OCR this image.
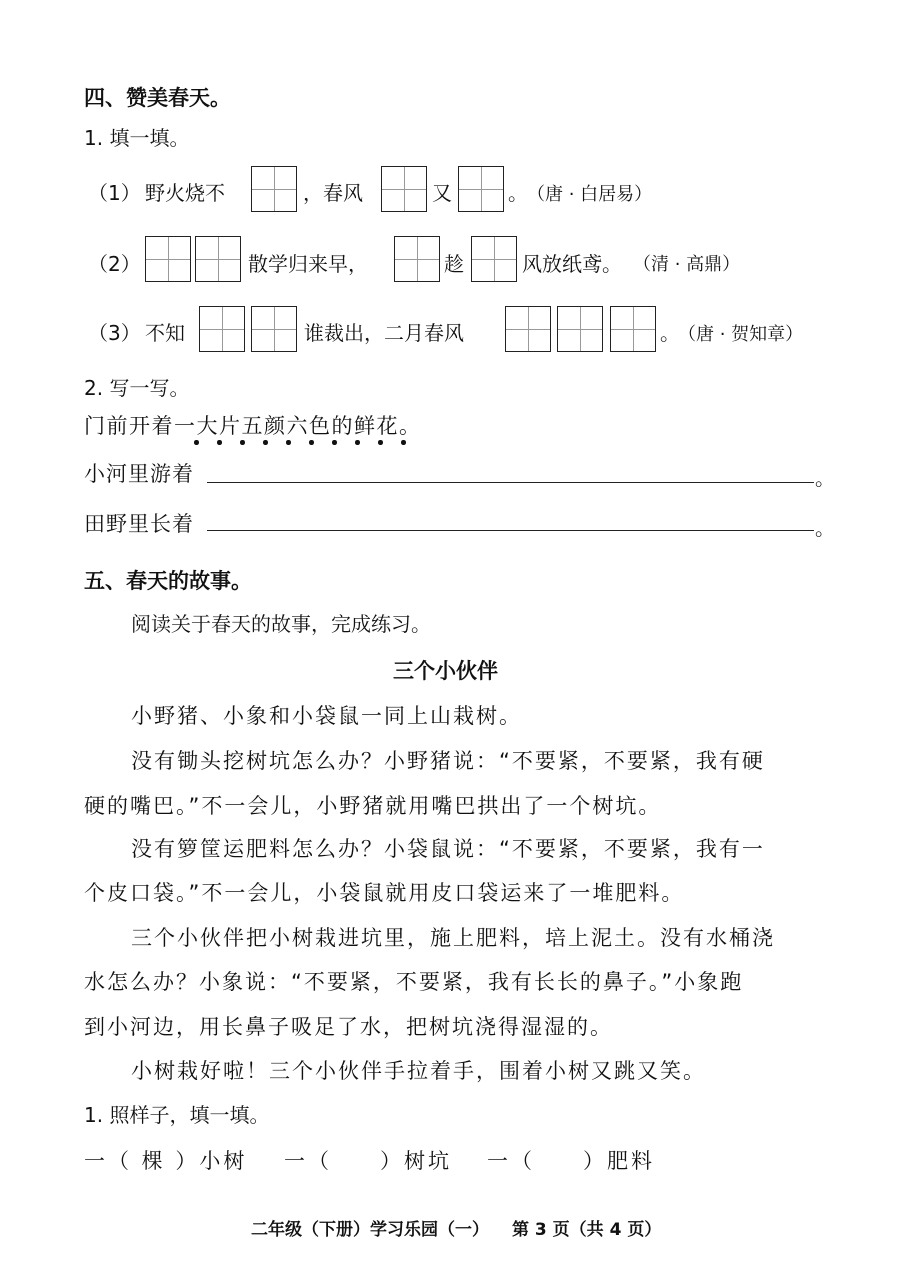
四、赞美春天。
1. 填一填。
（1） 野火烧不	，春风	又	。 （唐 · 白居易）
（2）	散学归来早，	趁	风放纸鸢。 （清 · 高鼎）
（3） 不知	谁裁出，二月春风	。
（唐 · 贺知章）
2. 写一写。
门前开着一大片五颜六色的鲜花。
小河里游着	。
田野里长着	。
五、春天的故事。
阅读关于春天的故事，完成练习。
三个小伙伴
小野猪、小象和小袋鼠一同上山栽树。
没有锄头挖树坑怎么办？小野猪说：“不要紧，不要紧，我有硬
硬的嘴巴。”不一会儿，小野猪就用嘴巴拱出了一个树坑。
没有箩筐运肥料怎么办？小袋鼠说：“不要紧，不要紧，我有一
个皮口袋。”不一会儿，小袋鼠就用皮口袋运来了一堆肥料。
三个小伙伴把小树栽进坑里，施上肥料，培上泥土。没有水桶浇
水怎么办？小象说：“不要紧，不要紧，我有长长的鼻子。”小象跑
到小河边，用长鼻子吸足了水，把树坑浇得湿湿的。
小树栽好啦！三个小伙伴手拉着手，围着小树又跳又笑。
1. 照样子，填一填。
一（ 棵 ）小树 一（　　）树坑 一（　　）肥料
二年级（下册）学习乐园（一） 第 3 页（共 4 页）
